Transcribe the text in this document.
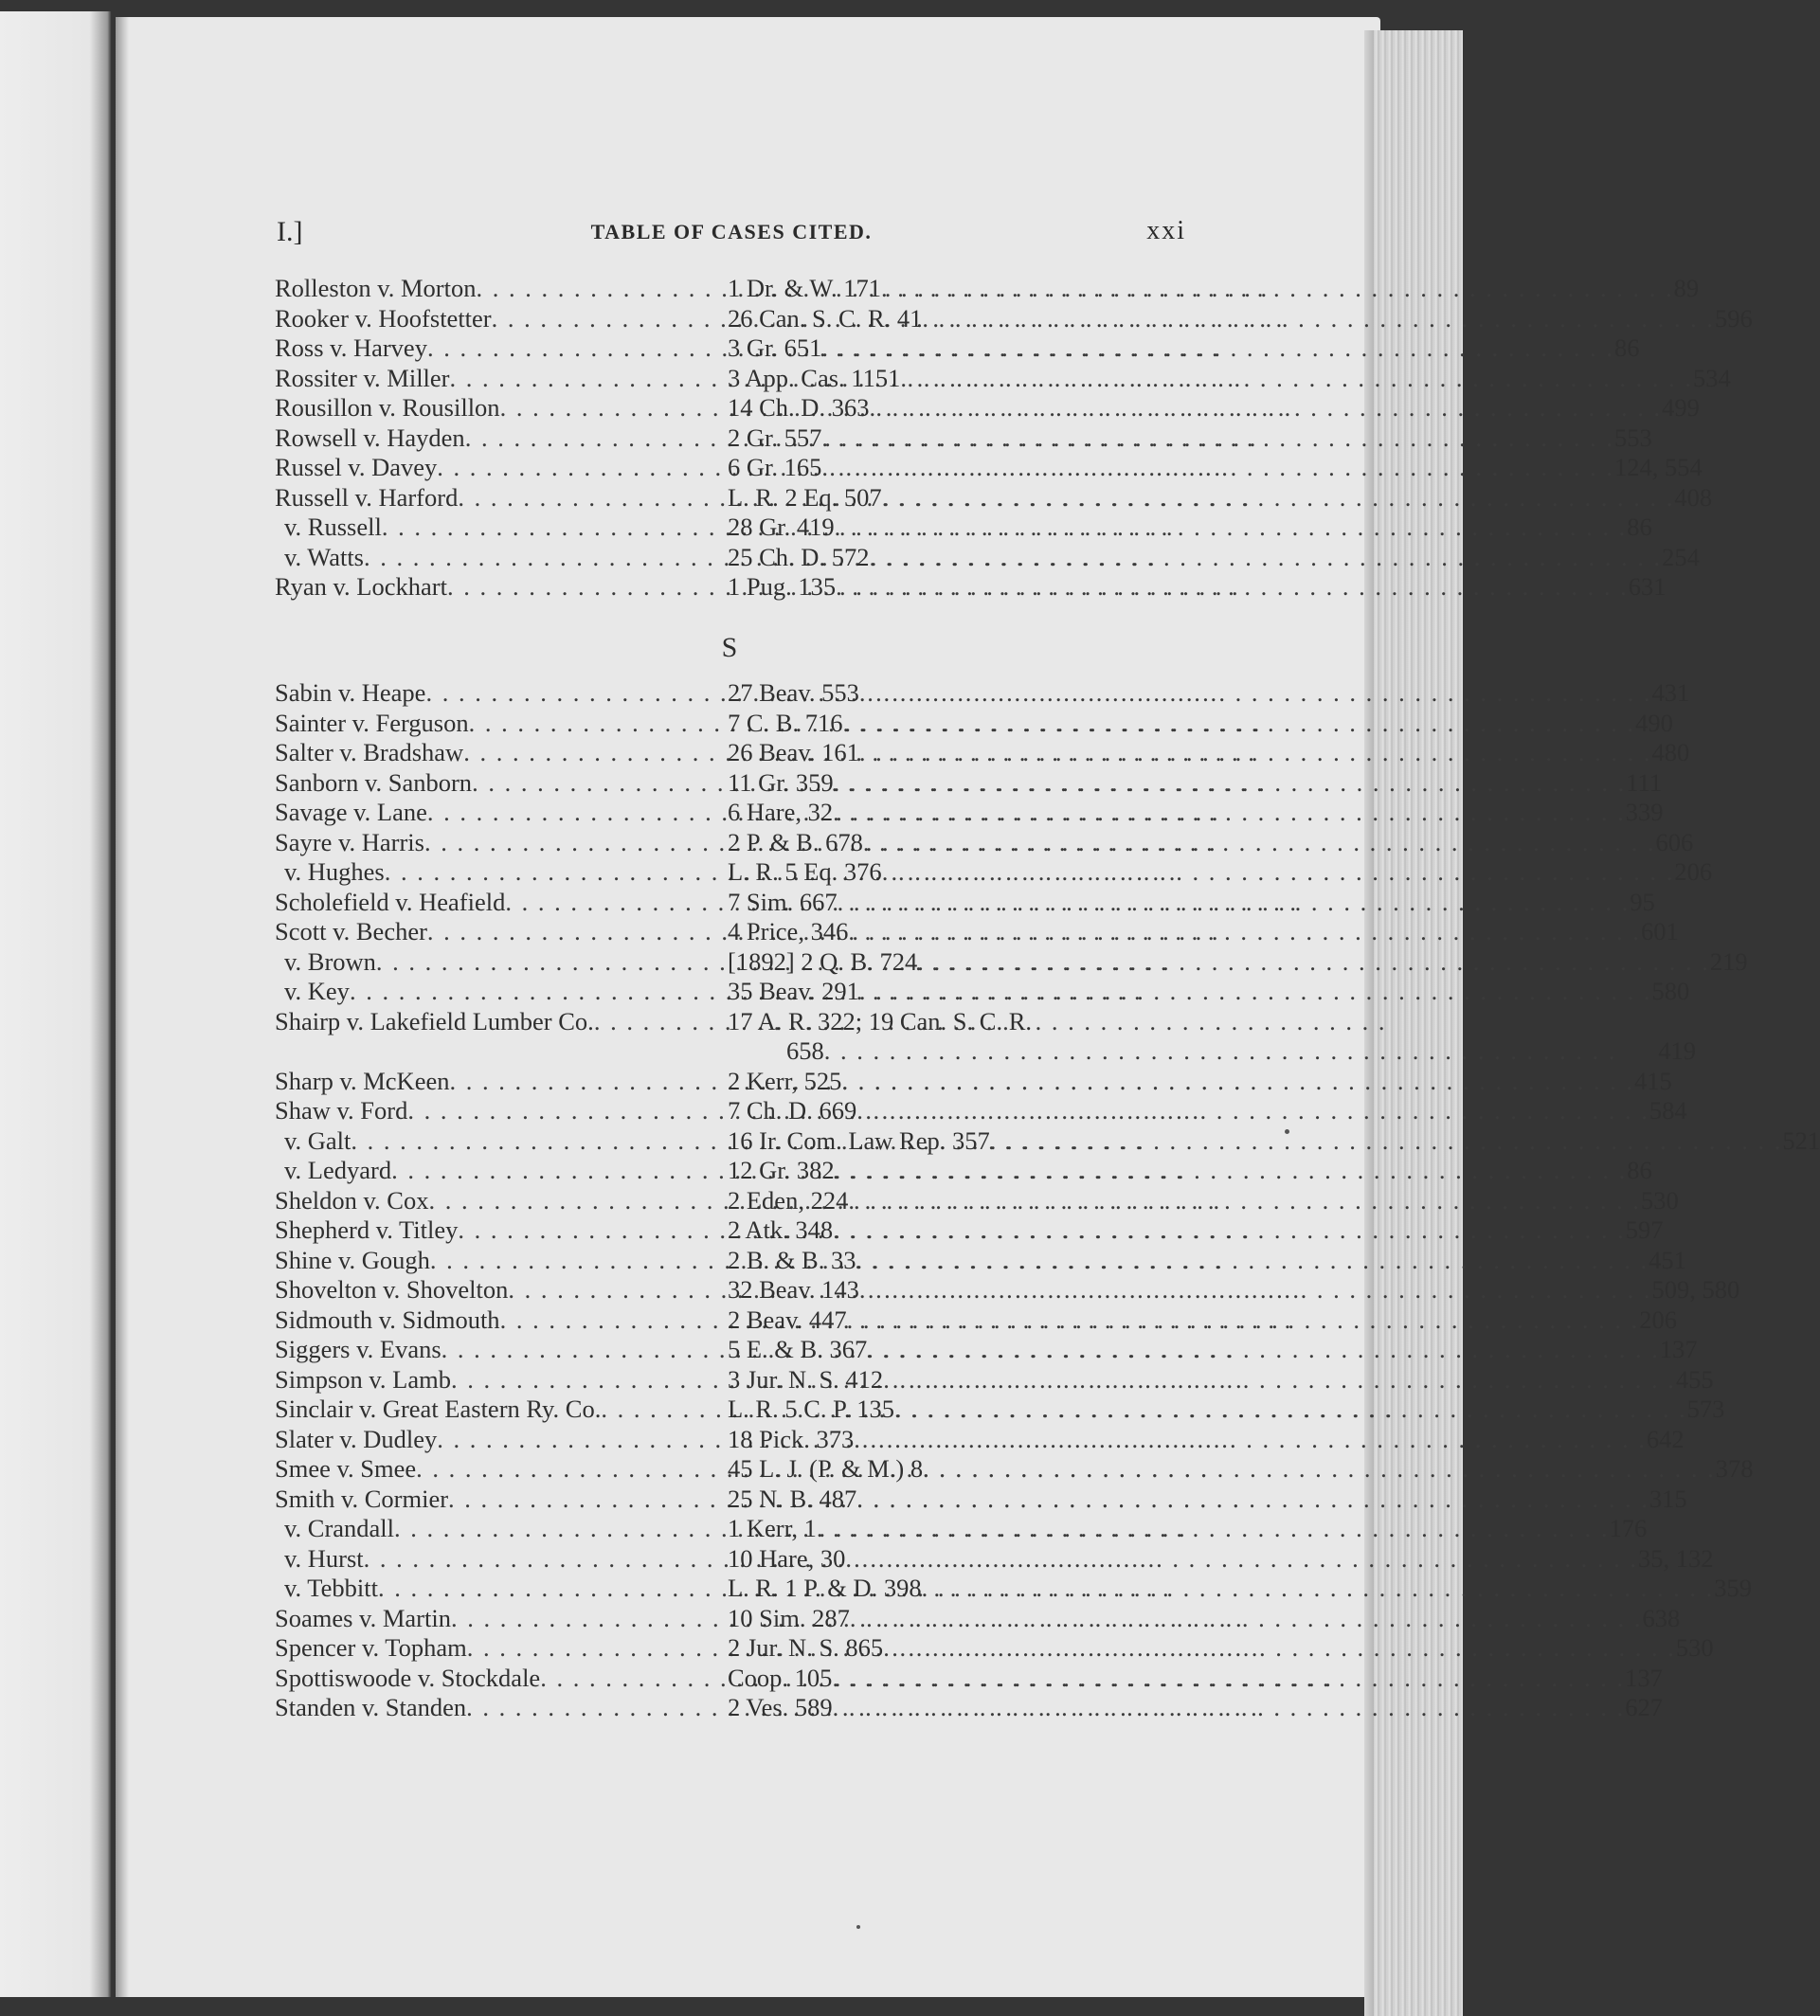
I.]	TABLE OF CASES CITED.	xxi
Rolleston v. Morton . . .	1 Dr. & W. 171 . . .	89
Rooker v. Hoofstetter . . .	26 Can. S. C. R. 41 . . .	596
Ross v. Harvey . . .	3 Gr. 651 . . .	86
Rossiter v. Miller . . .	3 App. Cas. 1151 . . .	534
Rousillon v. Rousillon . . .	14 Ch. D. 363 . . .	499
Rowsell v. Hayden . . .	2 Gr. 557 . . .	553
Russel v. Davey . . .	6 Gr. 165 . . .	124, 554
Russell v. Harford . . .	L. R. 2 Eq. 507 . . .	408
v. Russell . . .	28 Gr. 419 . . .	86
v. Watts . . .	25 Ch. D. 572 . . .	254
Ryan v. Lockhart . . .	1 Pug. 135 . . .	631
S
Sabin v. Heape . . .	27 Beav. 553 . . .	431
Sainter v. Ferguson . . .	7 C. B. 716 . . .	490
Salter v. Bradshaw . . .	26 Beav. 161 . . .	480
Sanborn v. Sanborn . . .	11 Gr. 359 . . .	111
Savage v. Lane . . .	6 Hare, 32 . . .	339
Sayre v. Harris . . .	2 P. & B. 678 . . .	606
v. Hughes . . .	L. R. 5 Eq. 376 . . .	206
Scholefield v. Heafield . . .	7 Sim. 667 . . .	95
Scott v. Becher . . .	4 Price, 346 . . .	601
v. Brown . . .	[1892] 2 Q. B. 724 . . .	219
v. Key . . .	35 Beav. 291 . . .	580
Shairp v. Lakefield Lumber Co. . . .	17 A. R. 322; 19 Can. S. C. R.
658 . . .	419
Sharp v. McKeen . . .	2 Kerr, 525 . . .	415
Shaw v. Ford . . .	7 Ch. D. 669 . . .	584
v. Galt . . .	16 Ir. Com. Law Rep. 357 . . .	521
v. Ledyard . . .	12 Gr. 382 . . .	86
Sheldon v. Cox . . .	2 Eden, 224 . . .	530
Shepherd v. Titley . . .	2 Atk. 348 . . .	597
Shine v. Gough . . .	2 B. & B. 33 . . .	451
Shovelton v. Shovelton . . .	32 Beav. 143 . . .	509, 580
Sidmouth v. Sidmouth . . .	2 Beav. 447 . . .	206
Siggers v. Evans . . .	5 E. & B. 367 . . .	137
Simpson v. Lamb . . .	3 Jur. N. S. 412 . . .	455
Sinclair v. Great Eastern Ry. Co. . . .	L. R. 5 C. P. 135 . . .	573
Slater v. Dudley . . .	18 Pick. 373 . . .	642
Smee v. Smee . . .	45 L. J. (P. & M.) 8 . . .	378
Smith v. Cormier . . .	25 N. B. 487 . . .	315
v. Crandall . . .	1 Kerr, 1 . . .	176
v. Hurst . . .	10 Hare, 30 . . .	35, 132
v. Tebbitt . . .	L. R. 1 P. & D. 398 . . .	359
Soames v. Martin . . .	10 Sim. 287 . . .	638
Spencer v. Topham . . .	2 Jur. N. S. 865 . . .	530
Spottiswoode v. Stockdale . . .	Coop. 105 . . .	137
Standen v. Standen . . .	2 Ves. 589 . . .	627
